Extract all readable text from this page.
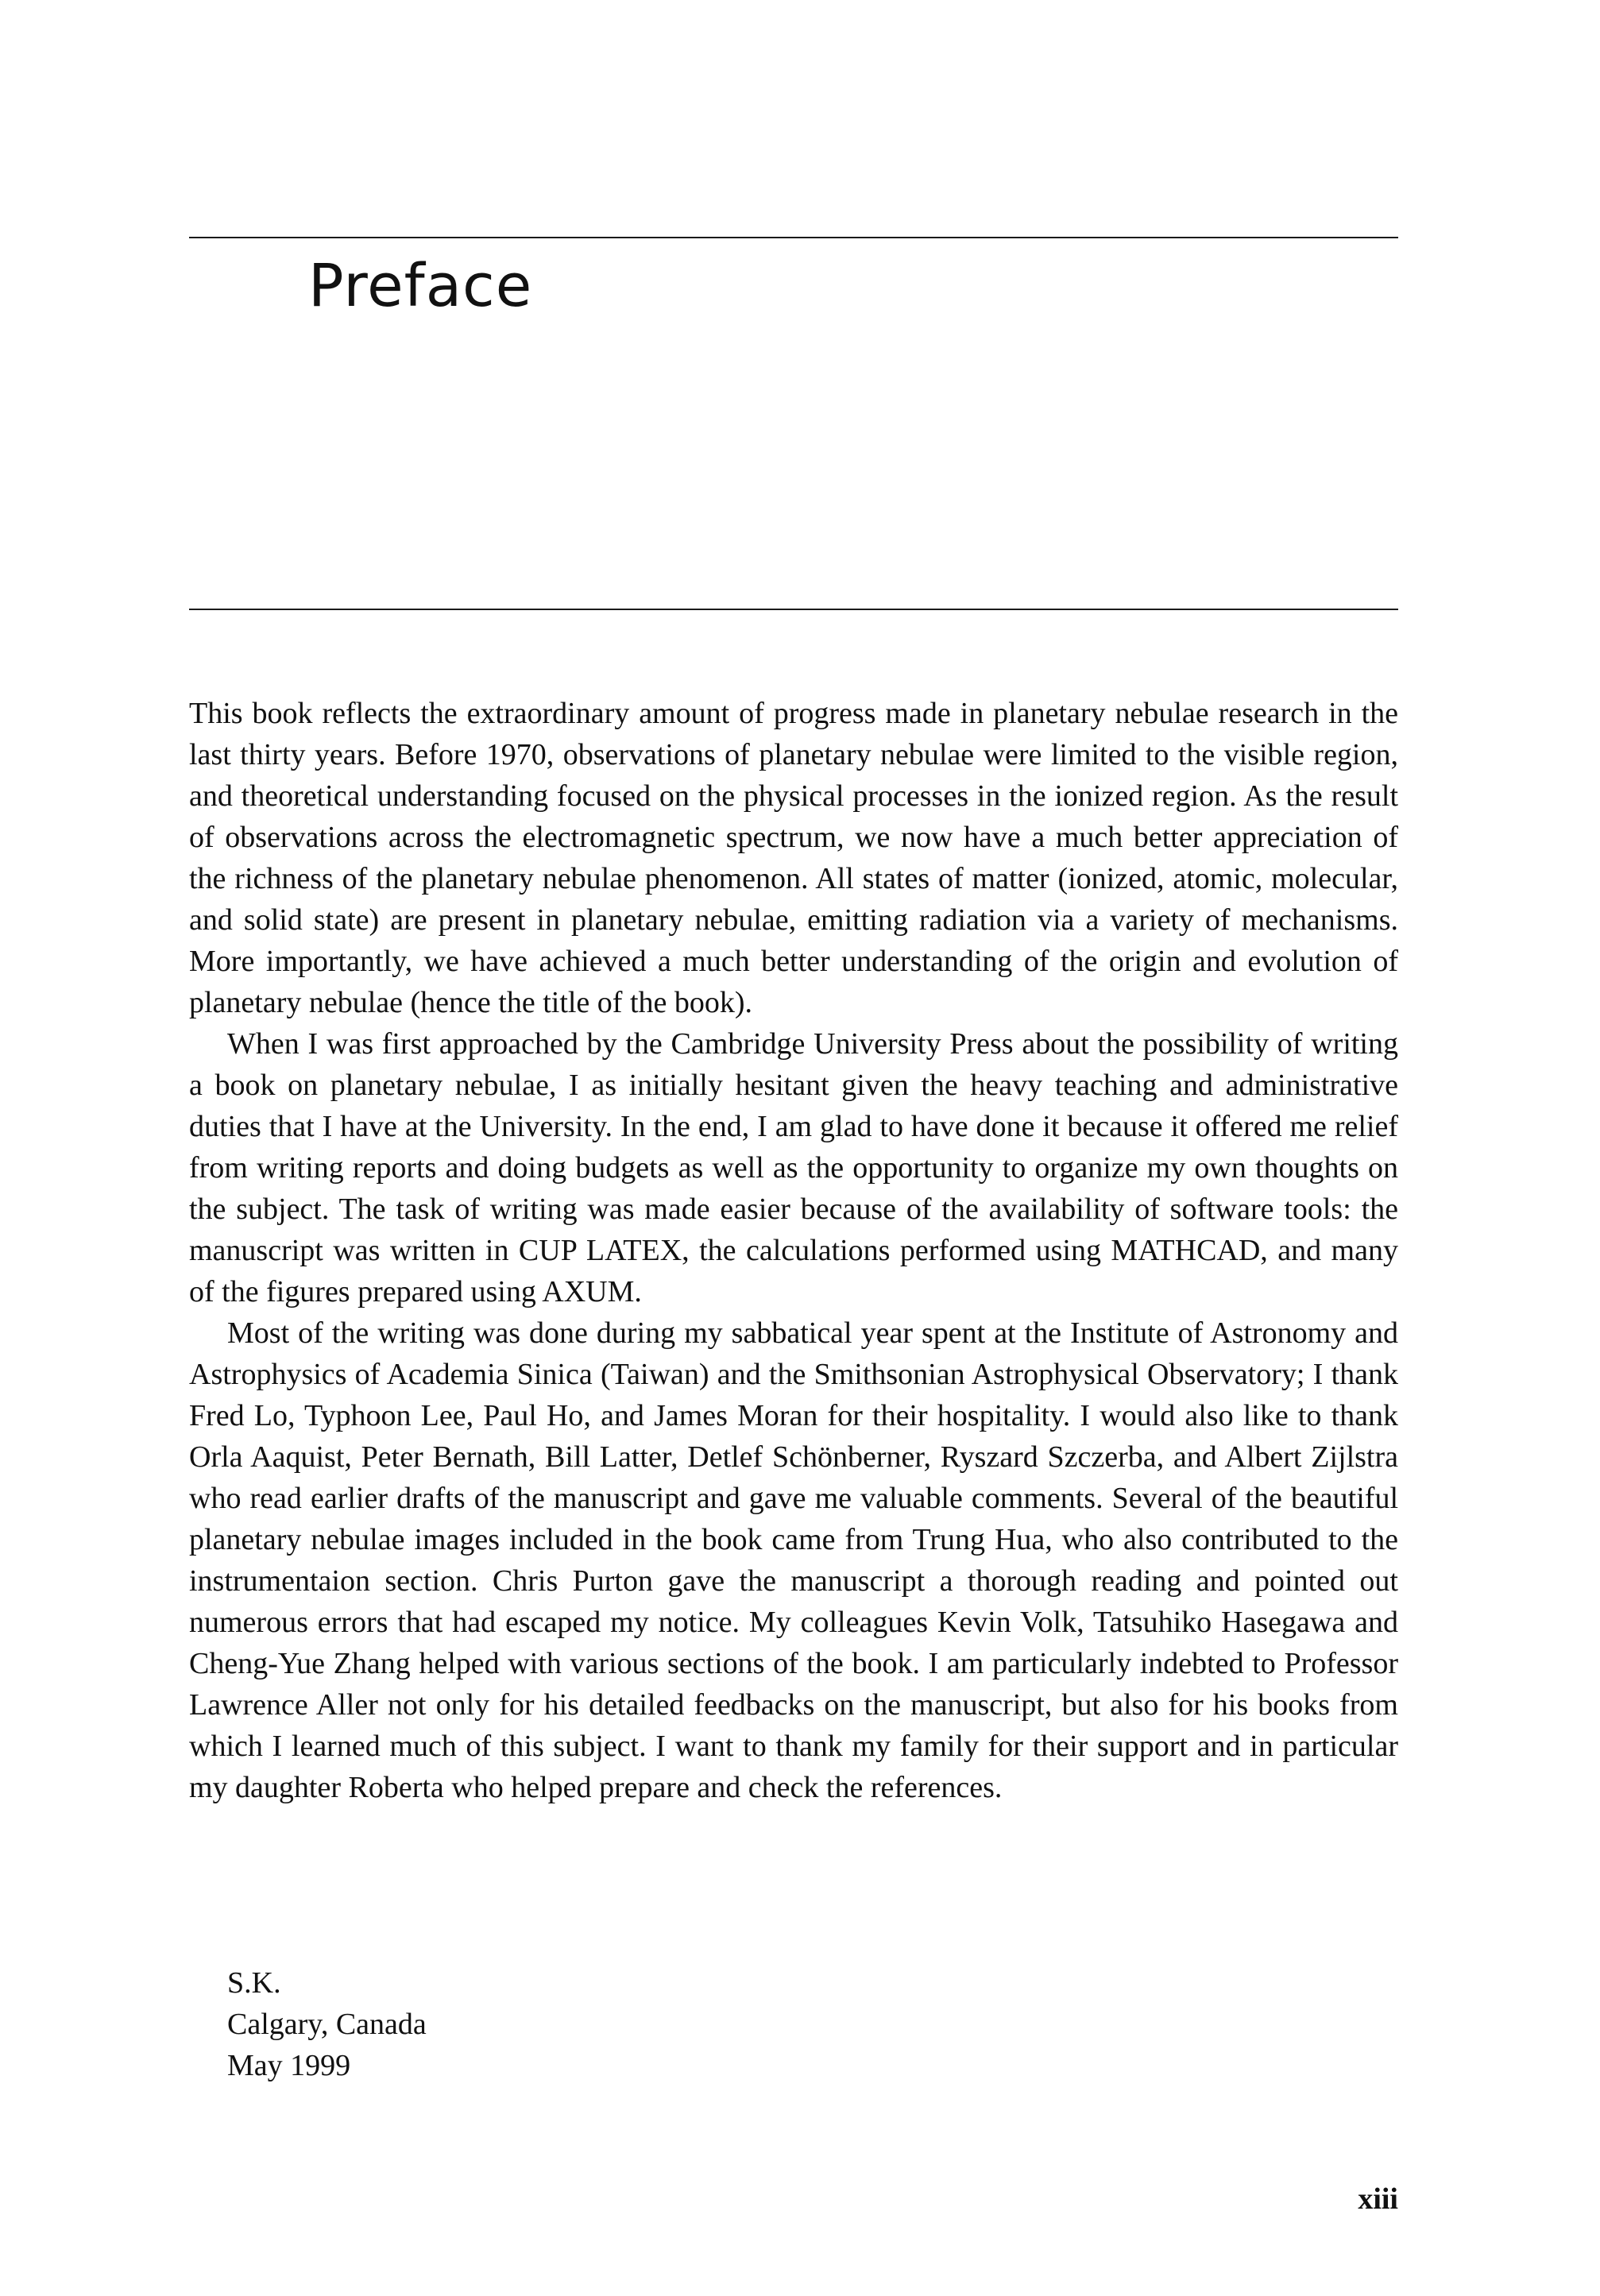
Preface

This book reflects the extraordinary amount of progress made in planetary nebulae research in the last thirty years. Before 1970, observations of planetary nebulae were limited to the visible region, and theoretical understanding focused on the physical processes in the ionized region. As the result of observations across the electromagnetic spectrum, we now have a much better appreciation of the richness of the planetary nebulae phenomenon. All states of matter (ionized, atomic, molecular, and solid state) are present in planetary nebulae, emitting radiation via a variety of mechanisms. More importantly, we have achieved a much better understanding of the origin and evolution of planetary nebulae (hence the title of the book).

When I was first approached by the Cambridge University Press about the possibility of writing a book on planetary nebulae, I as initially hesitant given the heavy teaching and administrative duties that I have at the University. In the end, I am glad to have done it because it offered me relief from writing reports and doing budgets as well as the opportunity to organize my own thoughts on the subject. The task of writing was made easier because of the availability of software tools: the manuscript was written in CUP LATEX, the calculations performed using MATHCAD, and many of the figures prepared using AXUM.

Most of the writing was done during my sabbatical year spent at the Institute of Astronomy and Astrophysics of Academia Sinica (Taiwan) and the Smithsonian Astrophysical Observatory; I thank Fred Lo, Typhoon Lee, Paul Ho, and James Moran for their hospitality. I would also like to thank Orla Aaquist, Peter Bernath, Bill Latter, Detlef Schönberner, Ryszard Szczerba, and Albert Zijlstra who read earlier drafts of the manuscript and gave me valuable comments. Several of the beautiful planetary nebulae images included in the book came from Trung Hua, who also contributed to the instrumentaion section. Chris Purton gave the manuscript a thorough reading and pointed out numerous errors that had escaped my notice. My colleagues Kevin Volk, Tatsuhiko Hasegawa and Cheng-Yue Zhang helped with various sections of the book. I am particularly indebted to Professor Lawrence Aller not only for his detailed feedbacks on the manuscript, but also for his books from which I learned much of this subject. I want to thank my family for their support and in particular my daughter Roberta who helped prepare and check the references.

S.K.
Calgary, Canada
May 1999
xiii
